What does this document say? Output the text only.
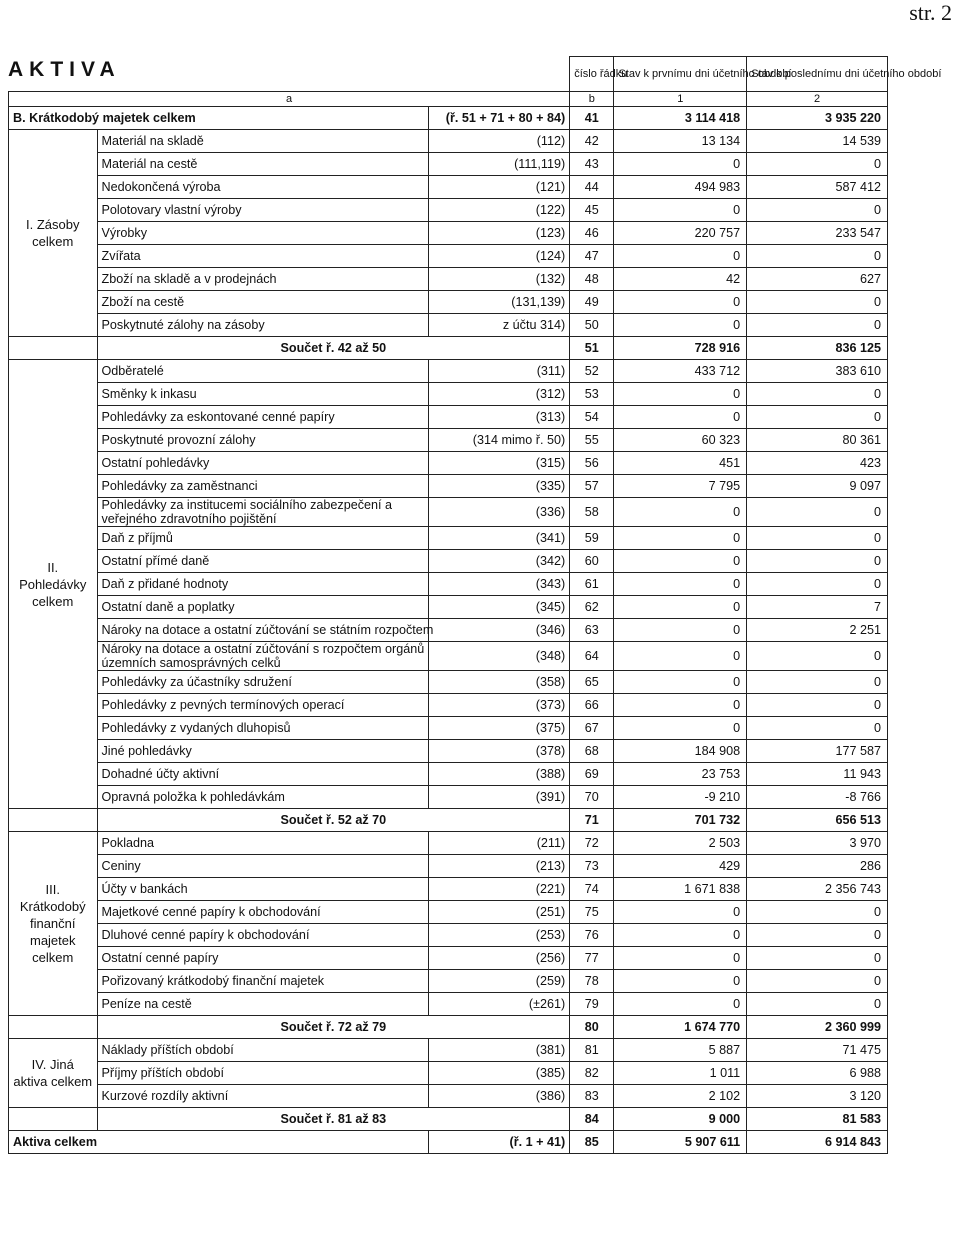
str. 2
AKTIVA
			číslo řádku	Stav k prvnímu dni účetního období	Stav k poslednímu dni účetního období
a			b	1	2
B. Krátkodobý majetek celkem		(ř. 51 + 71 + 80 + 84)	41	3 114 418	3 935 220
I. Zásoby celkem	Materiál na skladě	(112)	42	13 134	14 539
	Materiál na cestě	(111,119)	43	0	0
	Nedokončená výroba	(121)	44	494 983	587 412
	Polotovary vlastní výroby	(122)	45	0	0
	Výrobky	(123)	46	220 757	233 547
	Zvířata	(124)	47	0	0
	Zboží na skladě a v prodejnách	(132)	48	42	627
	Zboží na cestě	(131,139)	49	0	0
	Poskytnuté zálohy na zásoby	z účtu 314)	50	0	0
	Součet ř. 42 až 50		51	728 916	836 125
II. Pohledávky celkem	Odběratelé	(311)	52	433 712	383 610
	Směnky k inkasu	(312)	53	0	0
	Pohledávky za eskontované cenné papíry	(313)	54	0	0
	Poskytnuté provozní zálohy	(314 mimo ř. 50)	55	60 323	80 361
	Ostatní pohledávky	(315)	56	451	423
	Pohledávky za zaměstnanci	(335)	57	7 795	9 097
	Pohledávky za institucemi sociálního zabezpečení a veřejného zdravotního pojištění	(336)	58	0	0
	Daň z příjmů	(341)	59	0	0
	Ostatní přímé daně	(342)	60	0	0
	Daň z přidané hodnoty	(343)	61	0	0
	Ostatní daně a poplatky	(345)	62	0	7
	Nároky na dotace a ostatní zúčtování se státním rozpočtem	(346)	63	0	2 251
	Nároky na dotace a ostatní zúčtování s rozpočtem orgánů územních samosprávných celků	(348)	64	0	0
	Pohledávky za účastníky sdružení	(358)	65	0	0
	Pohledávky z pevných termínových operací	(373)	66	0	0
	Pohledávky z vydaných dluhopisů	(375)	67	0	0
	Jiné pohledávky	(378)	68	184 908	177 587
	Dohadné účty aktivní	(388)	69	23 753	11 943
	Opravná položka k pohledávkám	(391)	70	-9 210	-8 766
	Součet ř. 52 až 70		71	701 732	656 513
III. Krátkodobý finanční majetek celkem	Pokladna	(211)	72	2 503	3 970
	Ceniny	(213)	73	429	286
	Účty v bankách	(221)	74	1 671 838	2 356 743
	Majetkové cenné papíry k obchodování	(251)	75	0	0
	Dluhové cenné papíry k obchodování	(253)	76	0	0
	Ostatní cenné papíry	(256)	77	0	0
	Pořizovaný krátkodobý finanční majetek	(259)	78	0	0
	Peníze na cestě	(±261)	79	0	0
	Součet ř. 72 až 79		80	1 674 770	2 360 999
IV. Jiná aktiva celkem	Náklady příštích období	(381)	81	5 887	71 475
	Příjmy příštích období	(385)	82	1 011	6 988
	Kurzové rozdíly aktivní	(386)	83	2 102	3 120
	Součet ř. 81 až 83		84	9 000	81 583
Aktiva celkem		(ř. 1 + 41)	85	5 907 611	6 914 843
